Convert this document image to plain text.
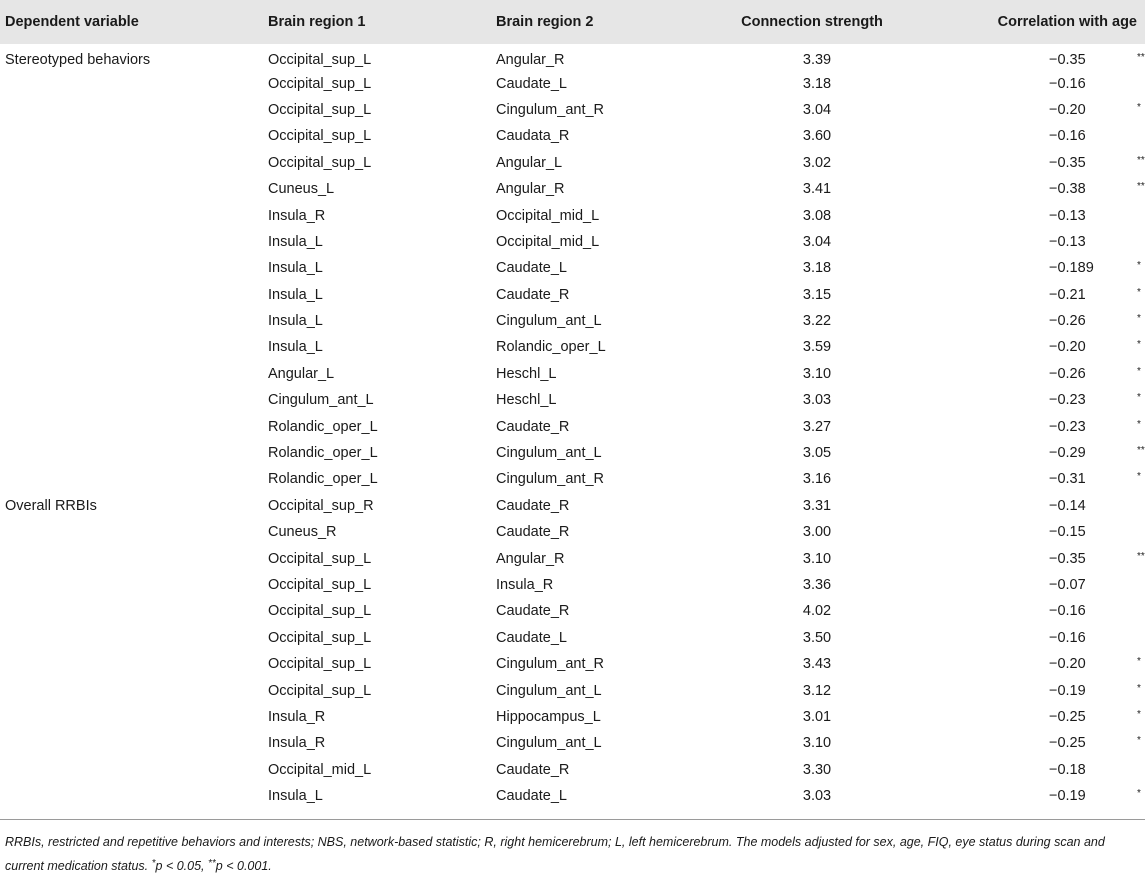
Dependent variable	Brain region 1	Brain region 2	Connection strength	Correlation with age
Stereotyped behaviors	Occipital_sup_L	Angular_R	3.39	−0.35 **
	Occipital_sup_L	Caudate_L	3.18	−0.16
	Occipital_sup_L	Cingulum_ant_R	3.04	−0.20 *
	Occipital_sup_L	Caudata_R	3.60	−0.16
	Occipital_sup_L	Angular_L	3.02	−0.35 **
	Cuneus_L	Angular_R	3.41	−0.38 **
	Insula_R	Occipital_mid_L	3.08	−0.13
	Insula_L	Occipital_mid_L	3.04	−0.13
	Insula_L	Caudate_L	3.18	−0.189 *
	Insula_L	Caudate_R	3.15	−0.21 *
	Insula_L	Cingulum_ant_L	3.22	−0.26 *
	Insula_L	Rolandic_oper_L	3.59	−0.20 *
	Angular_L	Heschl_L	3.10	−0.26 *
	Cingulum_ant_L	Heschl_L	3.03	−0.23 *
	Rolandic_oper_L	Caudate_R	3.27	−0.23 *
	Rolandic_oper_L	Cingulum_ant_L	3.05	−0.29 **
	Rolandic_oper_L	Cingulum_ant_R	3.16	−0.31 *
Overall RRBIs	Occipital_sup_R	Caudate_R	3.31	−0.14
	Cuneus_R	Caudate_R	3.00	−0.15
	Occipital_sup_L	Angular_R	3.10	−0.35 **
	Occipital_sup_L	Insula_R	3.36	−0.07
	Occipital_sup_L	Caudate_R	4.02	−0.16
	Occipital_sup_L	Caudate_L	3.50	−0.16
	Occipital_sup_L	Cingulum_ant_R	3.43	−0.20 *
	Occipital_sup_L	Cingulum_ant_L	3.12	−0.19 *
	Insula_R	Hippocampus_L	3.01	−0.25 *
	Insula_R	Cingulum_ant_L	3.10	−0.25 *
	Occipital_mid_L	Caudate_R	3.30	−0.18
	Insula_L	Caudate_L	3.03	−0.19 *
RRBIs, restricted and repetitive behaviors and interests; NBS, network-based statistic; R, right hemicerebrum; L, left hemicerebrum. The models adjusted for sex, age, FIQ, eye status during scan and current medication status. *p < 0.05, **p < 0.001.
